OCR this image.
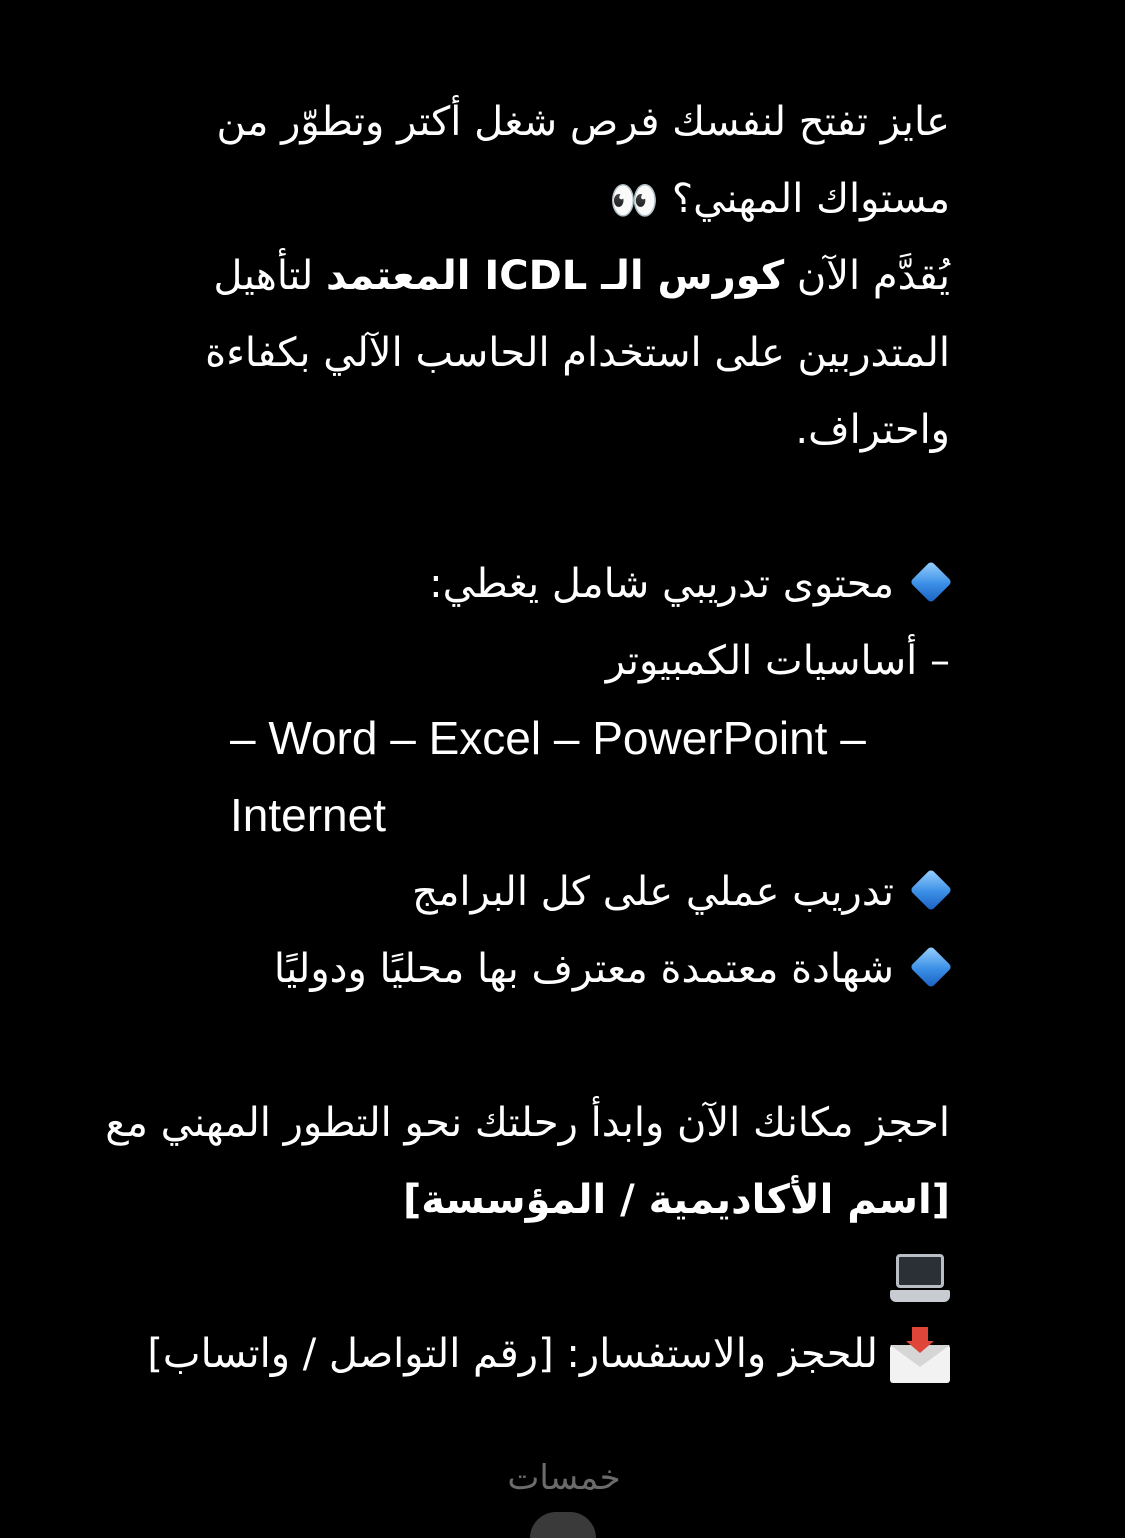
عايز تفتح لنفسك فرص شغل أكتر وتطوّر من مستواك المهني؟ 👀
يُقدَّم الآن كورس الـ ICDL المعتمد لتأهيل المتدربين على استخدام الحاسب الآلي بكفاءة واحتراف.
محتوى تدريبي شامل يغطي:
– أساسيات الكمبيوتر
– Word – Excel – PowerPoint – Internet
تدريب عملي على كل البرامج
شهادة معتمدة معترف بها محليًا ودوليًا
احجز مكانك الآن وابدأ رحلتك نحو التطور المهني مع [اسم الأكاديمية / المؤسسة]
للحجز والاستفسار: [رقم التواصل / واتساب]
خمسات
